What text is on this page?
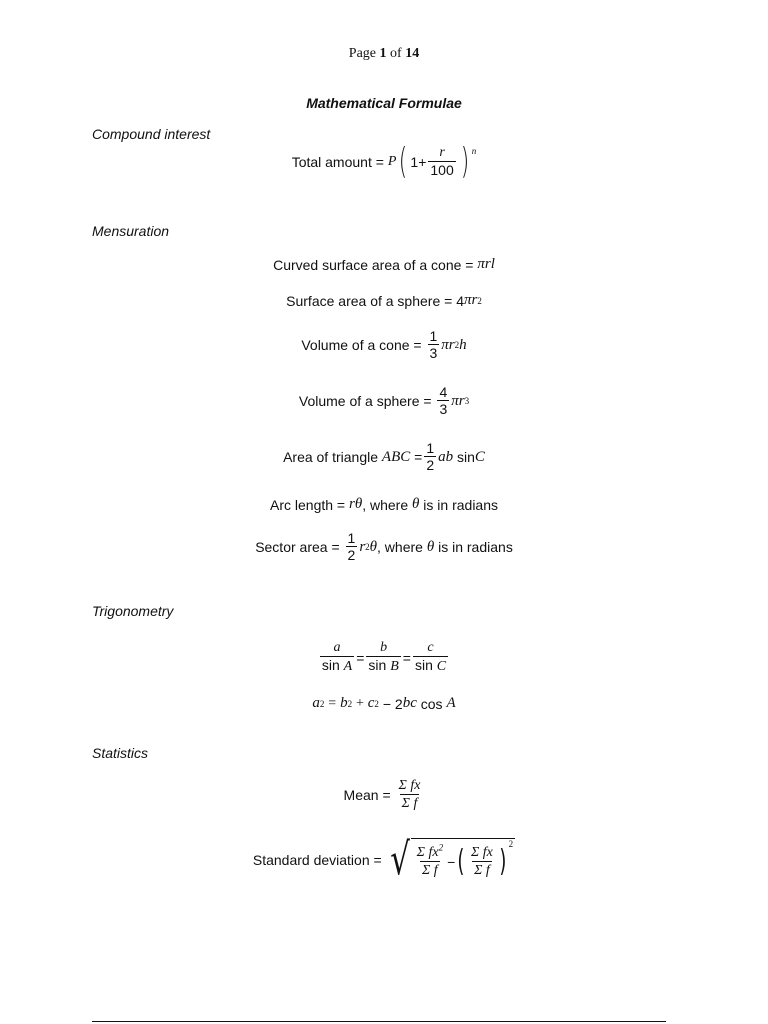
Page 1 of 14
Mathematical Formulae
Compound interest
Total amount =
P ( $1+ \frac{r}{100}$ ) n
Mensuration
Curved surface area of a cone =
πrl
Surface area of a sphere =
4 πr 2
Volume of a cone =
$\frac{1}{3}$ πr 2 h
Volume of a sphere =
$\frac{4}{3}$ πr 3
Area of triangle
ABC
= $\frac{1}{2}$ ab
sin C
Arc length =
rθ , where
θ
is in radians
Sector area =
$\frac{1}{2}$ r 2 θ , where
θ
is in radians
Trigonometry
$\frac{a}{\text{sin A}} = \frac{b}{\text{sin B}} = \frac{c}{\text{sin C}}$
a 2
=
b 2
+
c 2
−
2 bc
cos
A
Statistics
Mean =
$\frac{\text{Σ fx}}{\text{Σ f}}$
Standard deviation =
√ $\frac{\Sigma fx^2}{\text{Σ f}}$ − ( $\frac{\text{Σ fx}}{\text{Σ f}}$ ) 2
